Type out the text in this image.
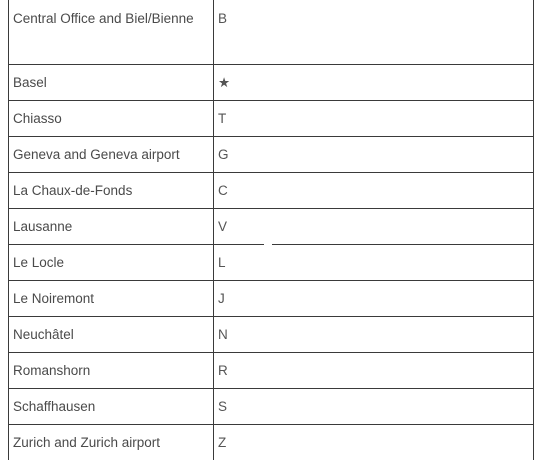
Central Office and Biel/Bienne	B
Basel	★
Chiasso	T
Geneva and Geneva airport	G
La Chaux-de-Fonds	C
Lausanne	V
Le Locle	L
Le Noiremont	J
Neuchâtel	N
Romanshorn	R
Schaffhausen	S
Zurich and Zurich airport	Z
